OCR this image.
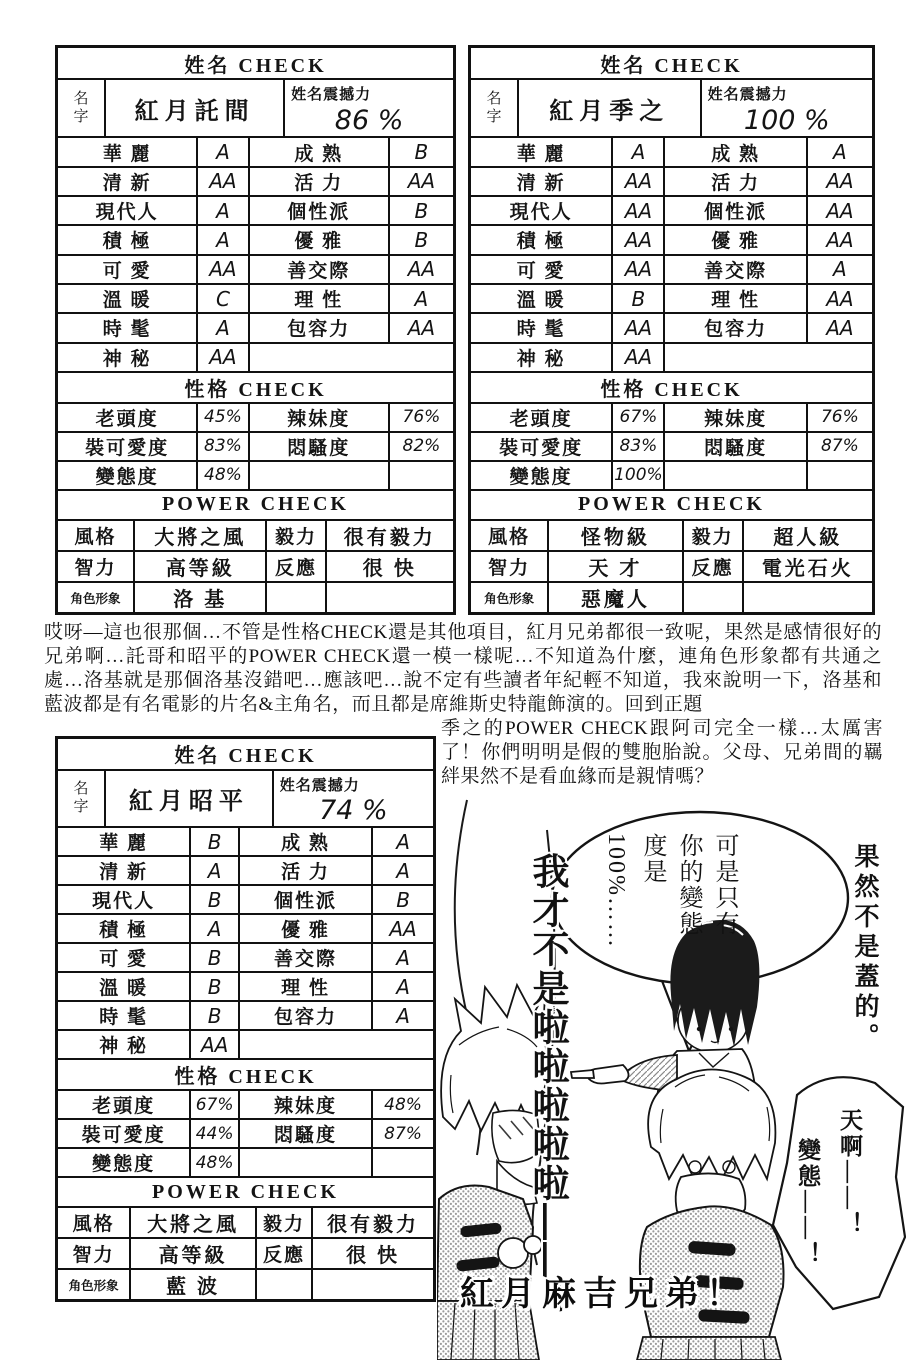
姓名 CHECK
名字	紅月託間
姓名震撼力
86 %
華 麗	A	成 熟	B
清 新	AA	活 力	AA
現代人	A	個性派	B
積 極	A	優 雅	B
可 愛	AA	善交際	AA
溫 暖	C	理 性	A
時 髦	A	包容力	AA
神 秘	AA
性格 CHECK
老頭度	45%	辣妹度	76%
裝可愛度	83%	悶騷度	82%
變態度	48%
POWER CHECK
風格	大將之風	毅力	很有毅力
智力	高等級	反應	很 快
角色形象	洛 基
姓名 CHECK
名字	紅月季之
姓名震撼力
100 %
華 麗	A	成 熟	A
清 新	AA	活 力	AA
現代人	AA	個性派	AA
積 極	AA	優 雅	AA
可 愛	AA	善交際	A
溫 暖	B	理 性	AA
時 髦	AA	包容力	AA
神 秘	AA
性格 CHECK
老頭度	67%	辣妹度	76%
裝可愛度	83%	悶騷度	87%
變態度	100%
POWER CHECK
風格	怪物級	毅力	超人級
智力	天 才	反應	電光石火
角色形象	惡魔人
姓名 CHECK
名字	紅月昭平
姓名震撼力
74 %
華 麗	B	成 熟	A
清 新	A	活 力	A
現代人	B	個性派	B
積 極	A	優 雅	AA
可 愛	B	善交際	A
溫 暖	B	理 性	A
時 髦	B	包容力	A
神 秘	AA
性格 CHECK
老頭度	67%	辣妹度	48%
裝可愛度	44%	悶騷度	87%
變態度	48%
POWER CHECK
風格	大將之風	毅力	很有毅力
智力	高等級	反應	很 快
角色形象	藍 波
哎呀—這也很那個…不管是性格CHECK還是其他項目，紅月兄弟都很一致呢，果然是感情很好的兄弟啊…託哥和昭平的POWER CHECK還一模一樣呢…不知道為什麼，連角色形象都有共通之處…洛基就是那個洛基沒錯吧…應該吧…說不定有些讀者年紀輕不知道，我來說明一下，洛基和藍波都是有名電影的片名&主角名，而且都是席維斯史特龍飾演的。回到正題
季之的POWER CHECK跟阿司完全一樣…太厲害了！你們明明是假的雙胞胎說。父母、兄弟間的羈絆果然不是看血緣而是親情嗎？
可是只有你的變態度是100%……
我才不是啦啦啦啦啦——！	果然不是蓋的。
天啊——！
變態——！
紅月麻吉兄弟！
